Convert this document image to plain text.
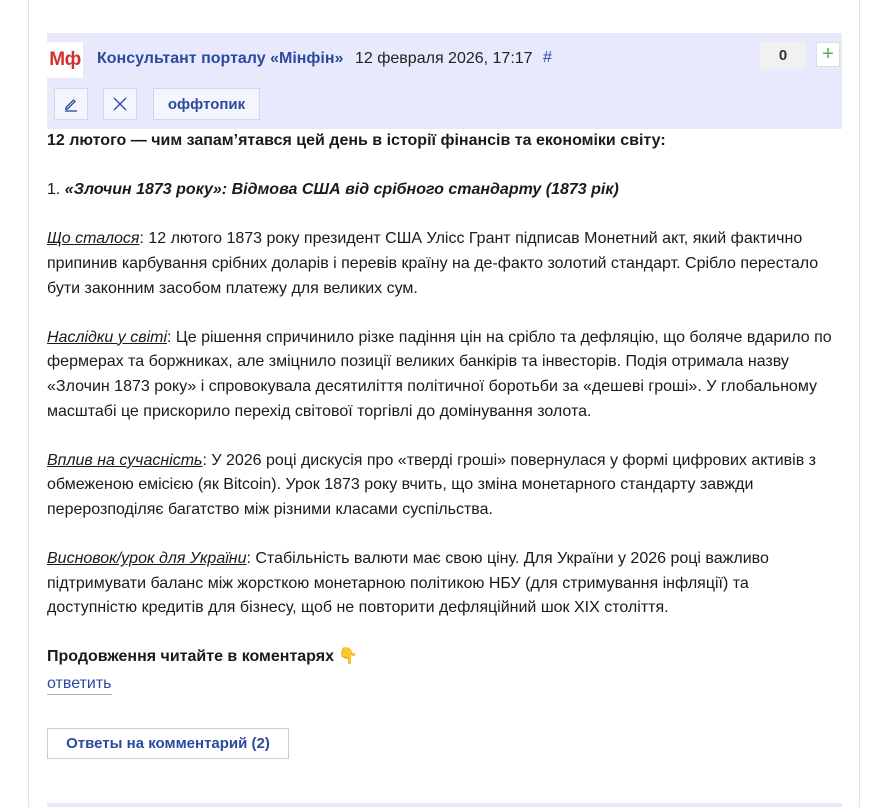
Мф Консультант порталу «Мінфін» 12 февраля 2026, 17:17 #	0	+
оффтопик

12 лютого — чим запам’ятався цей день в історії фінансів та економіки світу:

1. «Злочин 1873 року»: Відмова США від срібного стандарту (1873 рік)

Що сталося: 12 лютого 1873 року президент США Улісс Грант підписав Монетний акт, який фактично припинив карбування срібних доларів і перевів країну на де-факто золотий стандарт. Срібло перестало бути законним засобом платежу для великих сум.

Наслідки у світі: Це рішення спричинило різке падіння цін на срібло та дефляцію, що боляче вдарило по фермерах та боржниках, але зміцнило позиції великих банкірів та інвесторів. Подія отримала назву «Злочин 1873 року» і спровокувала десятиліття політичної боротьби за «дешеві гроші». У глобальному масштабі це прискорило перехід світової торгівлі до домінування золота.

Вплив на сучасність: У 2026 році дискусія про «тверді гроші» повернулася у формі цифрових активів з обмеженою емісією (як Bitcoin). Урок 1873 року вчить, що зміна монетарного стандарту завжди перерозподіляє багатство між різними класами суспільства.

Висновок/урок для України: Стабільність валюти має свою ціну. Для України у 2026 році важливо підтримувати баланс між жорсткою монетарною політикою НБУ (для стримування інфляції) та доступністю кредитів для бізнесу, щоб не повторити дефляційний шок XIX століття.

Продовження читайте в коментарях 👇

ответить
Ответы на комментарий (2)
